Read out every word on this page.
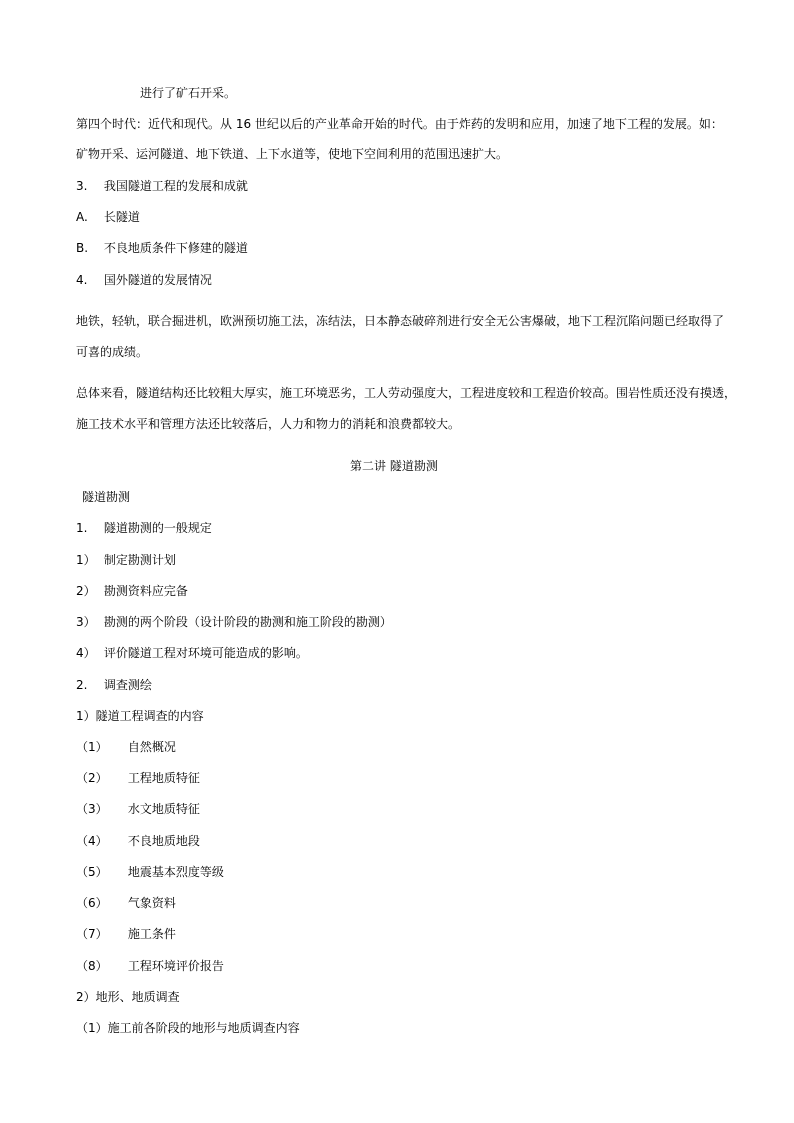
进行了矿石开采。
第四个时代：近代和现代。从 16 世纪以后的产业革命开始的时代。由于炸药的发明和应用，加速了地下工程的发展。如：
矿物开采、运河隧道、地下铁道、上下水道等，使地下空间利用的范围迅速扩大。
3. 我国隧道工程的发展和成就
A. 长隧道
B. 不良地质条件下修建的隧道
4. 国外隧道的发展情况
地铁，轻轨，联合掘进机，欧洲预切施工法，冻结法，日本静态破碎剂进行安全无公害爆破，地下工程沉陷问题已经取得了
可喜的成绩。
总体来看，隧道结构还比较粗大厚实，施工环境恶劣，工人劳动强度大，工程进度较和工程造价较高。围岩性质还没有摸透，
施工技术水平和管理方法还比较落后，人力和物力的消耗和浪费都较大。
第二讲 隧道勘测
隧道勘测
1. 隧道勘测的一般规定
1） 制定勘测计划
2） 勘测资料应完备
3） 勘测的两个阶段（设计阶段的勘测和施工阶段的勘测）
4） 评价隧道工程对环境可能造成的影响。
2. 调查测绘
1）隧道工程调查的内容
（1） 自然概况
（2） 工程地质特征
（3） 水文地质特征
（4） 不良地质地段
（5） 地震基本烈度等级
（6） 气象资料
（7） 施工条件
（8） 工程环境评价报告
2）地形、地质调查
（1）施工前各阶段的地形与地质调查内容
